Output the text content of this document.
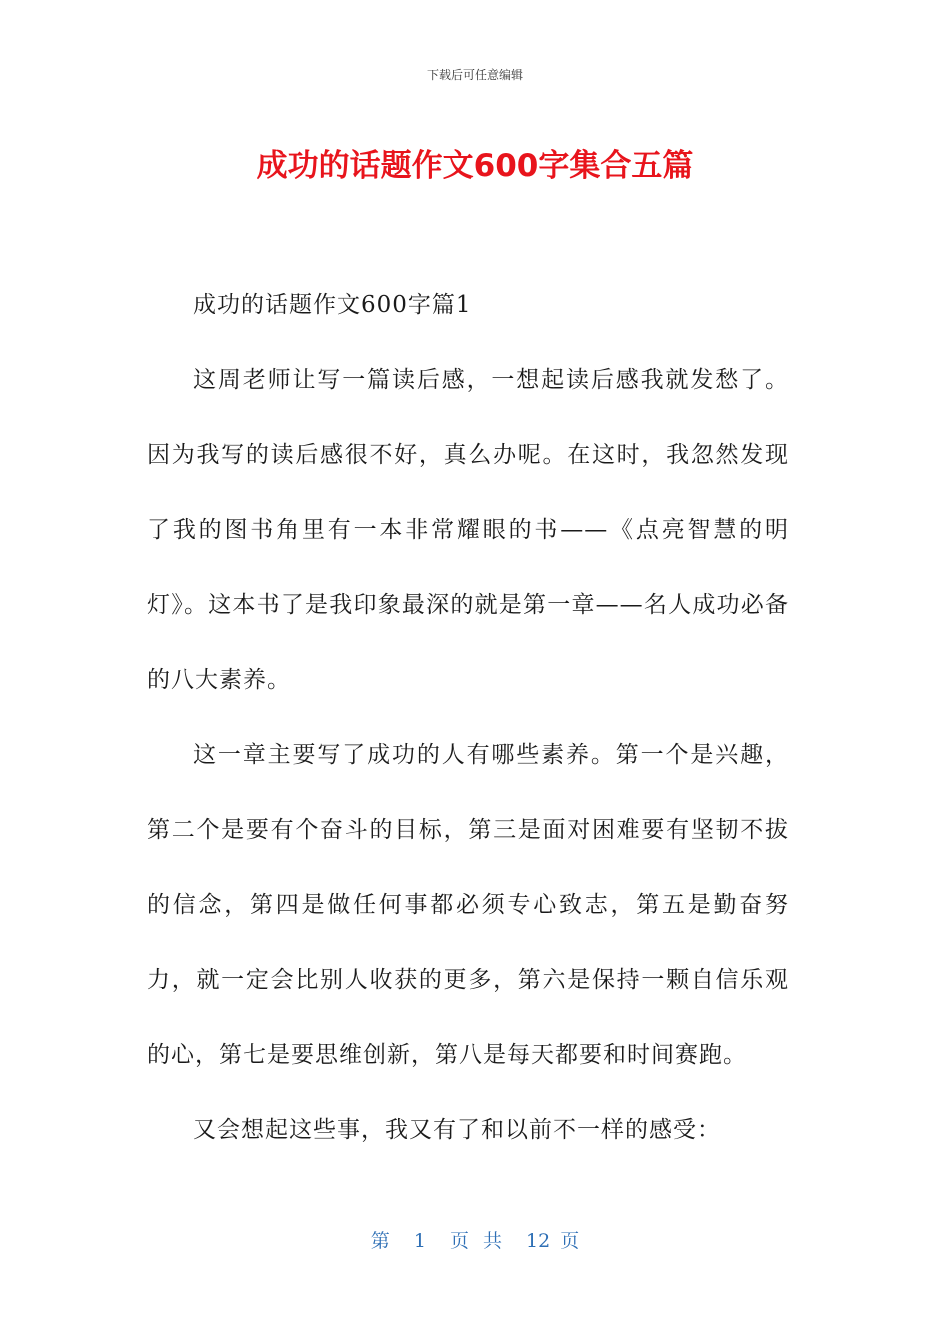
下载后可任意编辑
成功的话题作文600字集合五篇

成功的话题作文600字篇1

这周老师让写一篇读后感，一想起读后感我就发愁了。因为我写的读后感很不好，真么办呢。在这时，我忽然发现了我的图书角里有一本非常耀眼的书——《点亮智慧的明灯》。这本书了是我印象最深的就是第一章——名人成功必备的八大素养。

这一章主要写了成功的人有哪些素养。第一个是兴趣，第二个是要有个奋斗的目标，第三是面对困难要有坚韧不拔的信念，第四是做任何事都必须专心致志，第五是勤奋努力，就一定会比别人收获的更多，第六是保持一颗自信乐观的心，第七是要思维创新，第八是每天都要和时间赛跑。

又会想起这些事，我又有了和以前不一样的感受：

第 1 页 共 12 页
